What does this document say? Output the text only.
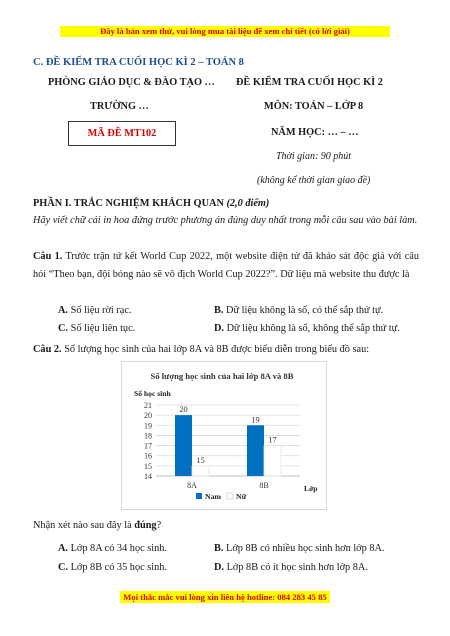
Đây là bản xem thử, vui lòng mua tài liệu để xem chi tiết (có lời giải)
C. ĐỀ KIỂM TRA CUỐI HỌC KÌ 2 – TOÁN 8
PHÒNG GIÁO DỤC & ĐÀO TẠO …
TRƯỜNG …
MÃ ĐỀ MT102
ĐỀ KIỂM TRA CUỐI HỌC KÌ 2
MÔN: TOÁN – LỚP 8
NĂM HỌC: … – …
Thời gian: 90 phút
(không kể thời gian giao đề)
PHẦN I. TRẮC NGHIỆM KHÁCH QUAN (2,0 điểm)
Hãy viết chữ cái in hoa đứng trước phương án đúng duy nhất trong mỗi câu sau vào bài làm.
Câu 1. Trước trận tứ kết World Cup 2022, một website điện tử đã khảo sát độc giả với câu hỏi “Theo bạn, đội bóng nào sẽ vô địch World Cup 2022?”. Dữ liệu mà website thu được là
A. Số liệu rời rạc.	B. Dữ liệu không là số, có thể sắp thứ tự.
C. Số liệu liên tục.	D. Dữ liệu không là số, không thể sắp thứ tự.
Câu 2. Số lượng học sinh của hai lớp 8A và 8B được biểu diễn trong biểu đồ sau:
Số lượng học sinh của hai lớp 8A và 8B
Số học sinh
14
15
16
17
18
19
20
21	20
15
8A
19
17
8B	Lớp
Nam Nữ
Nhận xét nào sau đây là đúng?
A. Lớp 8A có 34 học sinh.	B. Lớp 8B có nhiều học sinh hơn lớp 8A.
C. Lớp 8B có 35 học sinh.	D. Lớp 8B có ít học sinh hơn lớp 8A.
Mọi thắc mắc vui lòng xin liên hệ hotline: 084 283 45 85
